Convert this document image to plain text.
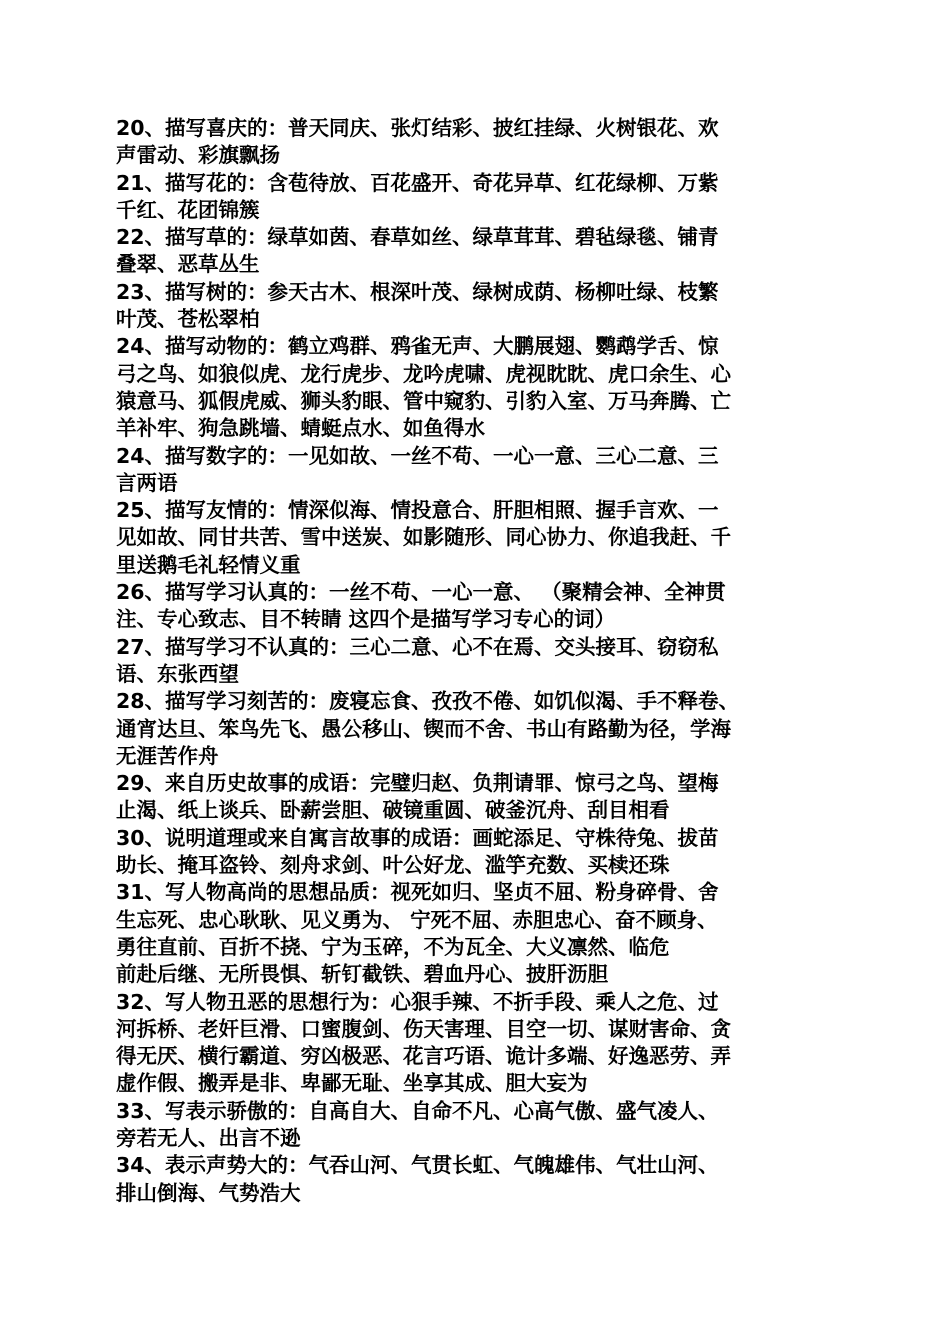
20、描写喜庆的：普天同庆、张灯结彩、披红挂绿、火树银花、欢
声雷动、彩旗飘扬
21、描写花的：含苞待放、百花盛开、奇花异草、红花绿柳、万紫
千红、花团锦簇
22、描写草的：绿草如茵、春草如丝、绿草茸茸、碧毡绿毯、铺青
叠翠、恶草丛生
23、描写树的：参天古木、根深叶茂、绿树成荫、杨柳吐绿、枝繁
叶茂、苍松翠柏
24、描写动物的：鹤立鸡群、鸦雀无声、大鹏展翅、鹦鹉学舌、惊
弓之鸟、如狼似虎、龙行虎步、龙吟虎啸、虎视眈眈、虎口余生、心
猿意马、狐假虎威、狮头豹眼、管中窥豹、引豹入室、万马奔腾、亡
羊补牢、狗急跳墙、蜻蜓点水、如鱼得水
24、描写数字的：一见如故、一丝不苟、一心一意、三心二意、三
言两语
25、描写友情的：情深似海、情投意合、肝胆相照、握手言欢、一
见如故、同甘共苦、雪中送炭、如影随形、同心协力、你追我赶、千
里送鹅毛礼轻情义重
26、描写学习认真的：一丝不苟、一心一意、 （聚精会神、全神贯
注、专心致志、目不转睛 这四个是描写学习专心的词）
27、描写学习不认真的：三心二意、心不在焉、交头接耳、窃窃私
语、东张西望
28、描写学习刻苦的：废寝忘食、孜孜不倦、如饥似渴、手不释卷、
通宵达旦、笨鸟先飞、愚公移山、锲而不舍、书山有路勤为径，学海
无涯苦作舟
29、来自历史故事的成语：完璧归赵、负荆请罪、惊弓之鸟、望梅
止渴、纸上谈兵、卧薪尝胆、破镜重圆、破釜沉舟、刮目相看
30、说明道理或来自寓言故事的成语：画蛇添足、守株待兔、拔苗
助长、掩耳盗铃、刻舟求剑、叶公好龙、滥竽充数、买椟还珠
31、写人物高尚的思想品质：视死如归、坚贞不屈、粉身碎骨、舍
生忘死、忠心耿耿、见义勇为、 宁死不屈、赤胆忠心、奋不顾身、
勇往直前、百折不挠、宁为玉碎，不为瓦全、大义凛然、临危
前赴后继、无所畏惧、斩钉截铁、碧血丹心、披肝沥胆
32、写人物丑恶的思想行为：心狠手辣、不折手段、乘人之危、过
河拆桥、老奸巨滑、口蜜腹剑、伤天害理、目空一切、谋财害命、贪
得无厌、横行霸道、穷凶极恶、花言巧语、诡计多端、好逸恶劳、弄
虚作假、搬弄是非、卑鄙无耻、坐享其成、胆大妄为
33、写表示骄傲的：自高自大、自命不凡、心高气傲、盛气凌人、
旁若无人、出言不逊
34、表示声势大的：气吞山河、气贯长虹、气魄雄伟、气壮山河、
排山倒海、气势浩大
